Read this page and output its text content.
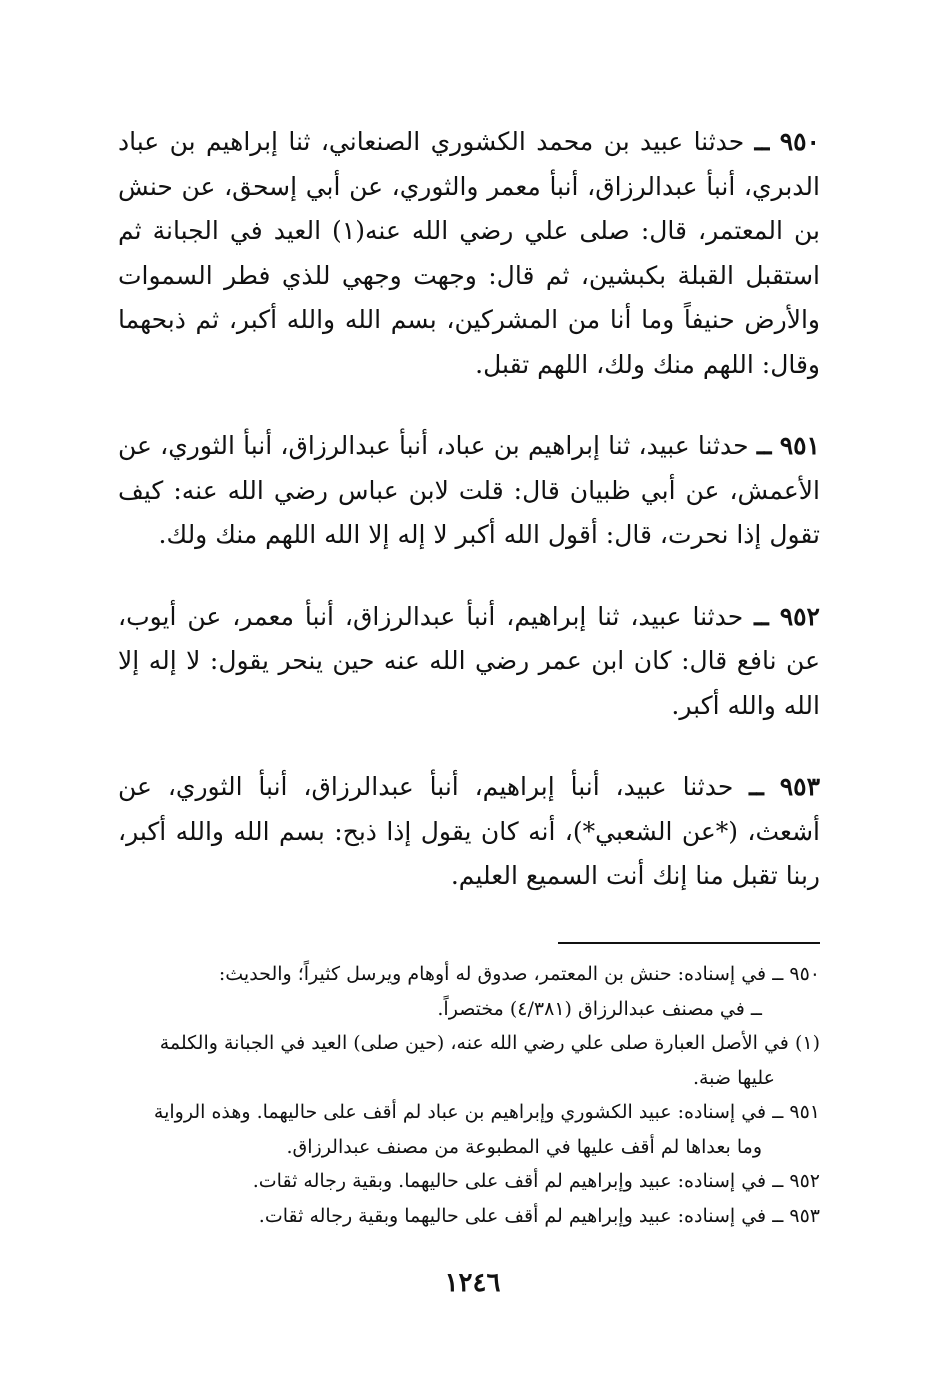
٩٥٠ ــ حدثنا عبيد بن محمد الكشوري الصنعاني، ثنا إبراهيم بن عباد الدبري، أنبأ عبدالرزاق، أنبأ معمر والثوري، عن أبي إسحق، عن حنش بن المعتمر، قال: صلى علي رضي الله عنه(١) العيد في الجبانة ثم استقبل القبلة بكبشين، ثم قال: وجهت وجهي للذي فطر السموات والأرض حنيفاً وما أنا من المشركين، بسم الله والله أكبر، ثم ذبحهما وقال: اللهم منك ولك، اللهم تقبل.

٩٥١ ــ حدثنا عبيد، ثنا إبراهيم بن عباد، أنبأ عبدالرزاق، أنبأ الثوري، عن الأعمش، عن أبي ظبيان قال: قلت لابن عباس رضي الله عنه: كيف تقول إذا نحرت، قال: أقول الله أكبر لا إله إلا الله اللهم منك ولك.

٩٥٢ ــ حدثنا عبيد، ثنا إبراهيم، أنبأ عبدالرزاق، أنبأ معمر، عن أيوب، عن نافع قال: كان ابن عمر رضي الله عنه حين ينحر يقول: لا إله إلا الله والله أكبر.

٩٥٣ ــ حدثنا عبيد، أنبأ إبراهيم، أنبأ عبدالرزاق، أنبأ الثوري، عن أشعث، (*عن الشعبي*)، أنه كان يقول إذا ذبح: بسم الله والله أكبر، ربنا تقبل منا إنك أنت السميع العليم.

٩٥٠ ــ في إسناده: حنش بن المعتمر، صدوق له أوهام ويرسل كثيراً؛ والحديث:

ــ في مصنف عبدالرزاق (٤/٣٨١) مختصراً.

(١) في الأصل العبارة صلى علي رضي الله عنه، (حين صلى) العيد في الجبانة والكلمة

عليها ضبة.

٩٥١ ــ في إسناده: عبيد الكشوري وإبراهيم بن عباد لم أقف على حاليهما. وهذه الرواية

وما بعداها لم أقف عليها في المطبوعة من مصنف عبدالرزاق.

٩٥٢ ــ في إسناده: عبيد وإبراهيم لم أقف على حاليهما. وبقية رجاله ثقات.

٩٥٣ ــ في إسناده: عبيد وإبراهيم لم أقف على حاليهما وبقية رجاله ثقات.

١٢٤٦
